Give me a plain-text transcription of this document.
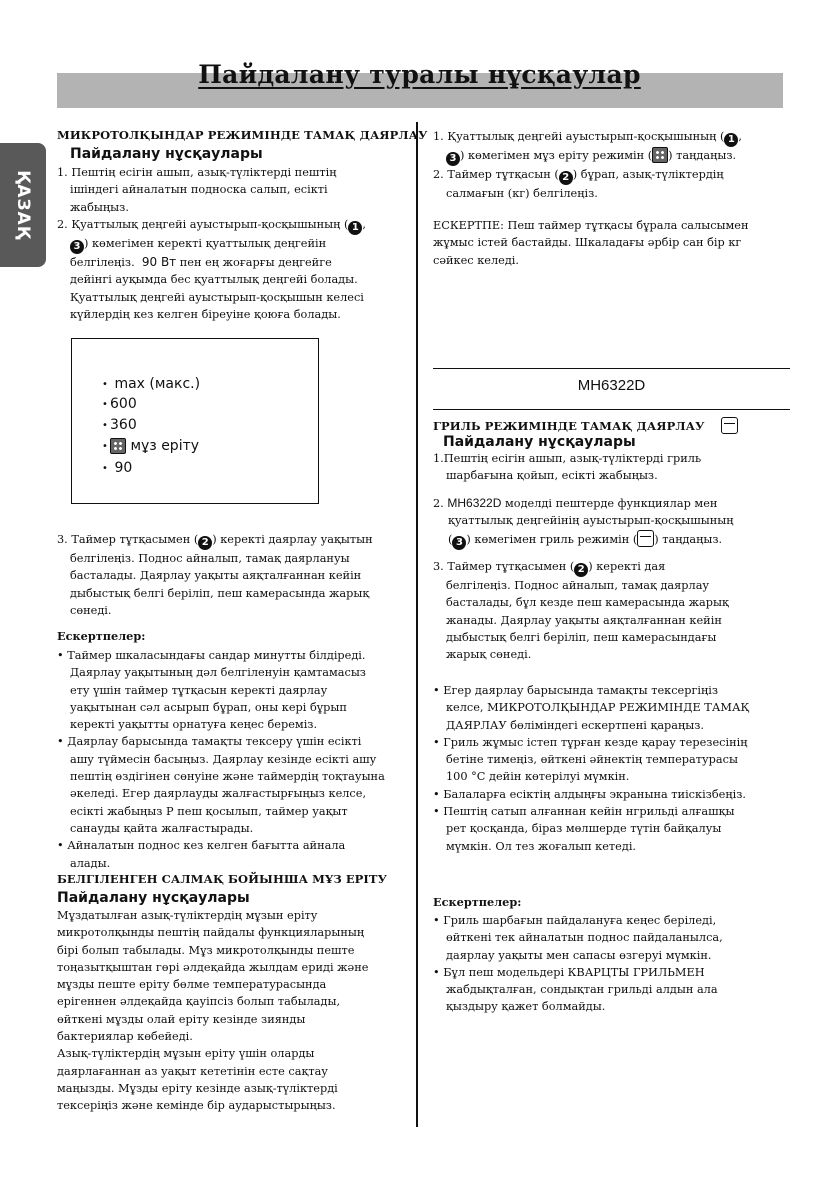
Пайдалану туралы нұсқаулар
ҚАЗАҚ
МИКРОТОЛҚЫНДАР РЕЖИМІНДЕ ТАМАҚ ДАЯРЛАУ
Пайдалану нұсқаулары

1. Пештің есігін ашып, азық-түліктерді пештің

ішіндегі айналатын подноска салып, есікті

жабыңыз.

2. Қуаттылық деңгейі ауыстырып-қосқышының ( 1 ,

3 ) көмегімен керекті қуаттылық деңгейін

белгілеңіз. 90 Вт пен ең жоғарғы деңгейге

дейінгі ауқымда бес қуаттылық деңгейі болады.

Қуаттылық деңгейі ауыстырып-қосқышын келесі

күйлердің кез келген біреуіне қоюға болады.

• max (макс.)
• 600
• 360
• мұз еріту
• 90

3. Таймер тұтқасымен ( 2 ) керекті даярлау уақытын

белгілеңіз. Поднос айналып, тамақ даярлануы

басталады. Даярлау уақыты аяқталғаннан кейін

дыбыстық белгі беріліп, пеш камерасында жарық

сөнеді.

Ескертпелер:

• Таймер шкаласындағы сандар минутты білдіреді.

Даярлау уақытының дәл белгіленуін қамтамасыз

ету үшін таймер тұтқасын керекті даярлау

уақытынан сәл асырып бұрап, оны кері бұрып

керекті уақытты орнатуға кеңес береміз.

• Даярлау барысында тамақты тексеру үшін есікті

ашу түймесін басыңыз. Даярлау кезінде есікті ашу

пештің өздігінен сөнуіне және таймердің тоқтауына

әкеледі. Егер даярлауды жалғастырғыңыз келсе,

есікті жабыңыз Р пеш қосылып, таймер уақыт

санауды қайта жалғастырады.

• Айналатын поднос кез келген бағытта айнала

алады.

БЕЛГІЛЕНГЕН САЛМАҚ БОЙЫНША МҰЗ ЕРІТУ
Пайдалану нұсқаулары

Мұздатылған азық-түліктердің мұзын еріту

микротолқынды пештің пайдалы функцияларының

бірі болып табылады. Мұз микротолқынды пеште

тоңазытқыштан гөрі әлдеқайда жылдам ериді және

мұзды пеште еріту бөлме температурасында

ерігеннен әлдеқайда қауіпсіз болып табылады,

өйткені мұзды олай еріту кезінде зиянды

бактериялар көбейеді.

Азық-түліктердің мұзын еріту үшін оларды

даярлағаннан аз уақыт кететінін есте сақтау

маңызды. Мұзды еріту кезінде азық-түліктерді

тексеріңіз және кемінде бір аударыстырыңыз.

1. Қуаттылық деңгейі ауыстырып-қосқышының ( 1 ,

3 ) көмегімен мұз еріту режимін ( ) таңдаңыз.

2. Таймер тұтқасын ( 2 ) бұрап, азық-түліктердің

салмағын (кг) белгілеңіз.

ЕСКЕРТПЕ: Пеш таймер тұтқасы бұрала салысымен

жұмыс істей бастайды. Шкаладағы әрбір сан бір кг

сәйкес келеді.

MH6322D
ГРИЛЬ РЕЖИМІНДЕ ТАМАҚ ДАЯРЛАУ
Пайдалану нұсқаулары

1.Пештің есігін ашып, азық-түліктерді гриль

шарбағына қойып, есікті жабыңыз.

2. MH6322D моделді пештерде функциялар мен

қуаттылық деңгейінің ауыстырып-қосқышының

( 3 ) көмегімен гриль режимін ( ) таңдаңыз.

3. Таймер тұтқасымен ( 2 ) керекті дая

белгілеңіз. Поднос айналып, тамақ даярлау

басталады, бұл кезде пеш камерасында жарық

жанады. Даярлау уақыты аяқталғаннан кейін

дыбыстық белгі беріліп, пеш камерасындағы

жарық сөнеді.

• Егер даярлау барысында тамақты тексергіңіз

келсе, МИКРОТОЛҚЫНДАР РЕЖИМІНДЕ ТАМАҚ

ДАЯРЛАУ бөліміндегі ескертпені қараңыз.

• Гриль жұмыс істеп тұрған кезде қарау терезесінің

бетіне тимеңіз, өйткені әйнектің температурасы

100 °С дейін көтерілуі мүмкін.

• Балаларға есіктің алдыңғы экранына тиіскізбеңіз.

• Пештің сатып алғаннан кейін нгрильді алғашқы

рет қосқанда, біраз мөлшерде түтін байқалуы

мүмкін. Ол тез жоғалып кетеді.

Ескертпелер:

• Гриль шарбағын пайдалануға кеңес беріледі,

өйткені тек айналатын поднос пайдаланылса,

даярлау уақыты мен сапасы өзгеруі мүмкін.

• Бұл пеш модельдері КВАРЦТЫ ГРИЛЬМЕН

жабдықталған, сондықтан грильді алдын ала

қыздыру қажет болмайды.
